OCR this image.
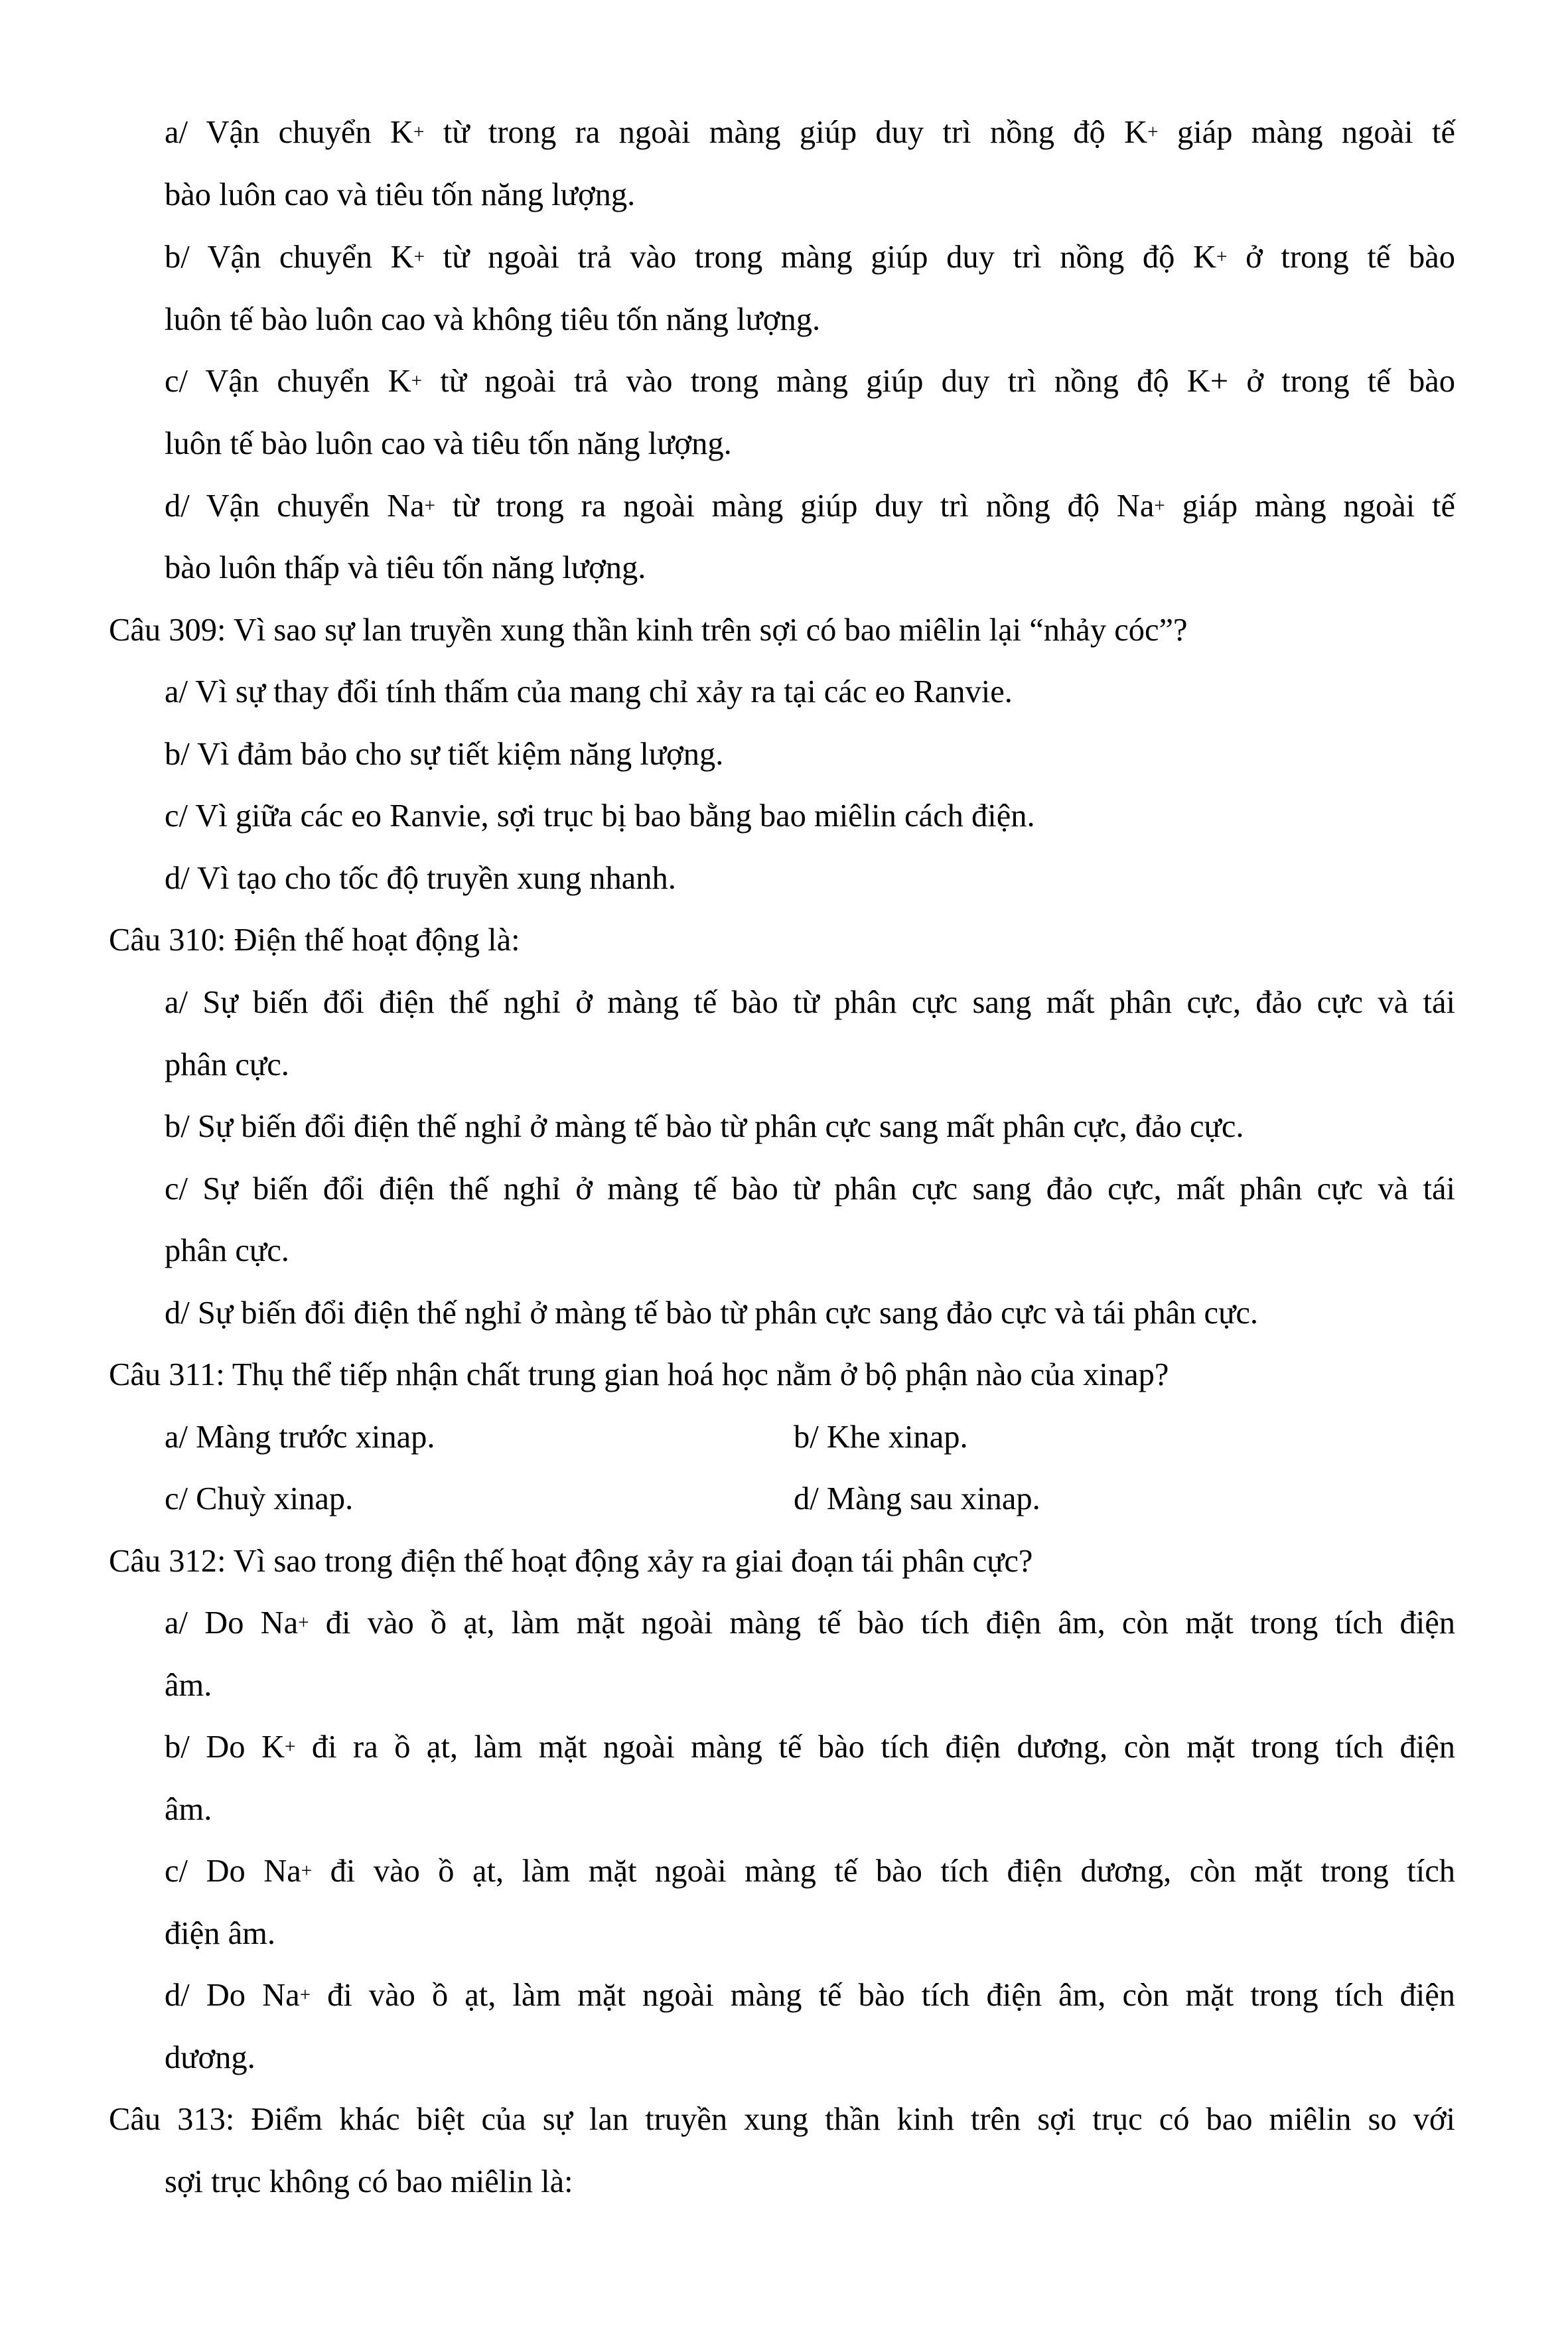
a/ Vận chuyển K+ từ trong ra ngoài màng giúp duy trì nồng độ K+ giáp màng ngoài tế
bào luôn cao và tiêu tốn năng lượng.
b/ Vận chuyển K+ từ ngoài trả vào trong màng giúp duy trì nồng độ K+ ở trong tế bào
luôn tế bào luôn cao và không tiêu tốn năng lượng.
c/ Vận chuyển K+ từ ngoài trả vào trong màng giúp duy trì nồng độ K+ ở trong tế bào
luôn tế bào luôn cao và tiêu tốn năng lượng.
d/ Vận chuyển Na+ từ trong ra ngoài màng giúp duy trì nồng độ Na+ giáp màng ngoài tế
bào luôn thấp và tiêu tốn năng lượng.
Câu 309: Vì sao sự lan truyền xung thần kinh trên sợi có bao miêlin lại “nhảy cóc”?
a/ Vì sự thay đổi tính thấm của mang chỉ xảy ra tại các eo Ranvie.
b/ Vì đảm bảo cho sự tiết kiệm năng lượng.
c/ Vì giữa các eo Ranvie, sợi trục bị bao bằng bao miêlin cách điện.
d/ Vì tạo cho tốc độ truyền xung nhanh.
Câu 310: Điện thế hoạt động là:
a/ Sự biến đổi điện thế nghỉ ở màng tế bào từ phân cực sang mất phân cực, đảo cực và tái
phân cực.
b/ Sự biến đổi điện thế nghỉ ở màng tế bào từ phân cực sang mất phân cực, đảo cực.
c/ Sự biến đổi điện thế nghỉ ở màng tế bào từ phân cực sang đảo cực, mất phân cực và tái
phân cực.
d/ Sự biến đổi điện thế nghỉ ở màng tế bào từ phân cực sang đảo cực và tái phân cực.
Câu 311: Thụ thể tiếp nhận chất trung gian hoá học nằm ở bộ phận nào của xinap?
a/ Màng trước xinap.	b/ Khe xinap.
c/ Chuỳ xinap.	d/ Màng sau xinap.
Câu 312: Vì sao trong điện thế hoạt động xảy ra giai đoạn tái phân cực?
a/ Do Na+ đi vào ồ ạt, làm mặt ngoài màng tế bào tích điện âm, còn mặt trong tích điện
âm.
b/ Do K+ đi ra ồ ạt, làm mặt ngoài màng tế bào tích điện dương, còn mặt trong tích điện
âm.
c/ Do Na+ đi vào ồ ạt, làm mặt ngoài màng tế bào tích điện dương, còn mặt trong tích
điện âm.
d/ Do Na+ đi vào ồ ạt, làm mặt ngoài màng tế bào tích điện âm, còn mặt trong tích điện
dương.
Câu 313: Điểm khác biệt của sự lan truyền xung thần kinh trên sợi trục có bao miêlin so với
sợi trục không có bao miêlin là:
